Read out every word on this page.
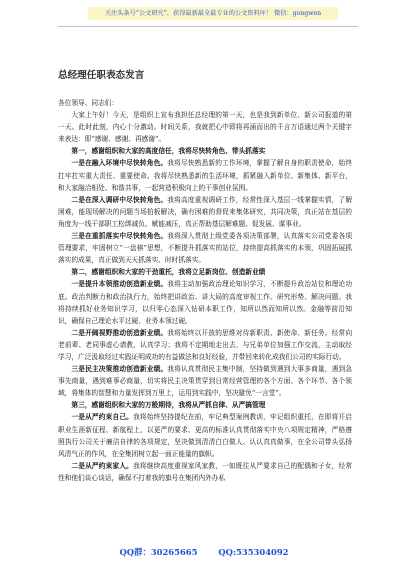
关注头条号“公文研究”，获得最新最全最专业的公文资料库！ 微信：gongwen
总经理任职表态发言

各位领导、同志们：

大家上午好！今天，是组织上宣布我担任总经理的第一天，也是我到新单位、新公司报道的第一天。此时此刻，内心十分激动。时间关系，我就把心中即将再涌而出的千言万语通过两个关键字来表达：即“感谢、感谢、再感谢”。

第一，感谢组织和大家的高度信任，我将尽快转角色、带头抓落实

一是在融入环境中尽快转角色。我将尽快熟悉新的工作环境，掌握了解自身的职责使命，始终扛牢扛实重大责任、重要使命。我将尽快熟悉新的生活环境，抓紧融入新单位、新集体、新平台，和大家融洽相处、和谐共事，一起营造积极向上的干事创业氛围。

二是在深入调研中尽快转角色。我将高度重视调研工作，经常性深入基层一线掌握实情，了解困难，能现场解决的问题当场拍板解决，确有困难的督促来集体研究，共同决策，真正站在基层的角度为一线干部职工松绑减负、赋能减压，真正帮助基层解难题、促发展、谋事业。

三是在重抓落实中尽快转角色。我将深入贯彻上级党委各项决策部署，认真落实公司党委各项管理要求，牢固树立“一盘棋”思想，不断提升抓落实的站位，持续提高抓落实的本领，巩固拓展抓落实的成果，真正做到天天抓落实、时时抓落实。

第二，感谢组织和大家的干劲重托，我将立足新岗位、创造新业绩

一是提升本领推动创造新业绩。我将主动加强政治理论知识学习，不断提升政治站位和理论功底。政治判断力和政治执行力，始终把讲政治、讲大局的高度审视工作。研究形势、解决问题。我将持续抓好业务知识学习，以归零心态深入钻研本职工作，知所以然而知所以然。金融等前沿知识，确保自己理论水平过硬、业务本领过硬。

二是开阔视野推动创造新业绩。我将始终以开放的思维对待新职责、新使命、新任务。经常向老前辈、老同事虚心请教，认真学习；我将不定期地走出去，与兄弟单位加强工作交流，主动取经学习，广泛汲取经过实践证明成功的有益做法和良好经验，并带回来转化成我们公司的实际行动。

三是民主决策推动创造新业绩。我将认真贯彻民主集中制，坚持做到遇到大事多商量，遇到急事先商量，遇到难事必商量，切实将民主决策贯穿到日常经营管理的各个方面、各个环节、各个领域，将集体的智慧和力量发挥到万里上，运用到实践中，坚决避免“一言堂”。

第三，感谢组织和大家的万般期待，我将从严抓自律、从严搞管理

一是从严约束自己。我将始终坚持提纪在前，牢记典型案例教训，牢记组织重托，在即将开启职业生涯新征程、新航程上，以更严的要求、更高的标准认真贯彻落实中央八项规定精神，严格遵照执行公司关于廉洁自律的各项规定，坚决做到清清白白做人、认认真真做事，在全公司带头弘扬风清气正的作风，在全集团树立起一面正能量的旗帜。

二是从严约束家人。我将继续高度重视家风家教，一如既往从严要求自己的配偶和子女，经常性和他们谈心谈话，确保不打着我的旗号在集团内外办私

QQ群：30265665 QQ:535304092
